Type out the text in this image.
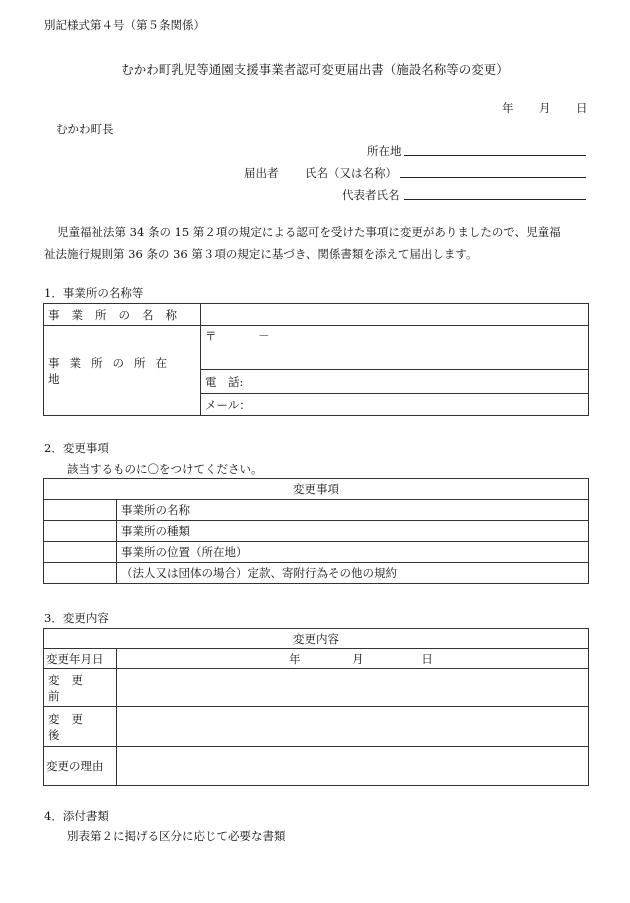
別記様式第４号（第５条関係）
むかわ町乳児等通園支援事業者認可変更届出書（施設名称等の変更）
年 月 日
むかわ町長
所在地
届出者 氏名（又は名称）
代表者氏名
児童福祉法第 34 条の 15 第２項の規定による認可を受けた事項に変更がありましたので、児童福
祉法施行規則第 36 条の 36 第３項の規定に基づき、関係書類を添えて届出します。
1．事業所の名称等
事業所の名称	
事業所の所在地	〒 －
	電　話:
	メール：
2．変更事項
該当するものに〇をつけてください。
変更事項	
	事業所の名称
	事業所の種類
	事業所の位置（所在地）
	（法人又は団体の場合）定款、寄附行為その他の規約
3．変更内容
変更内容	
変更年月日	年 月 日
変更前	
変更後	
変更の理由	
4．添付書類
別表第２に掲げる区分に応じて必要な書類
